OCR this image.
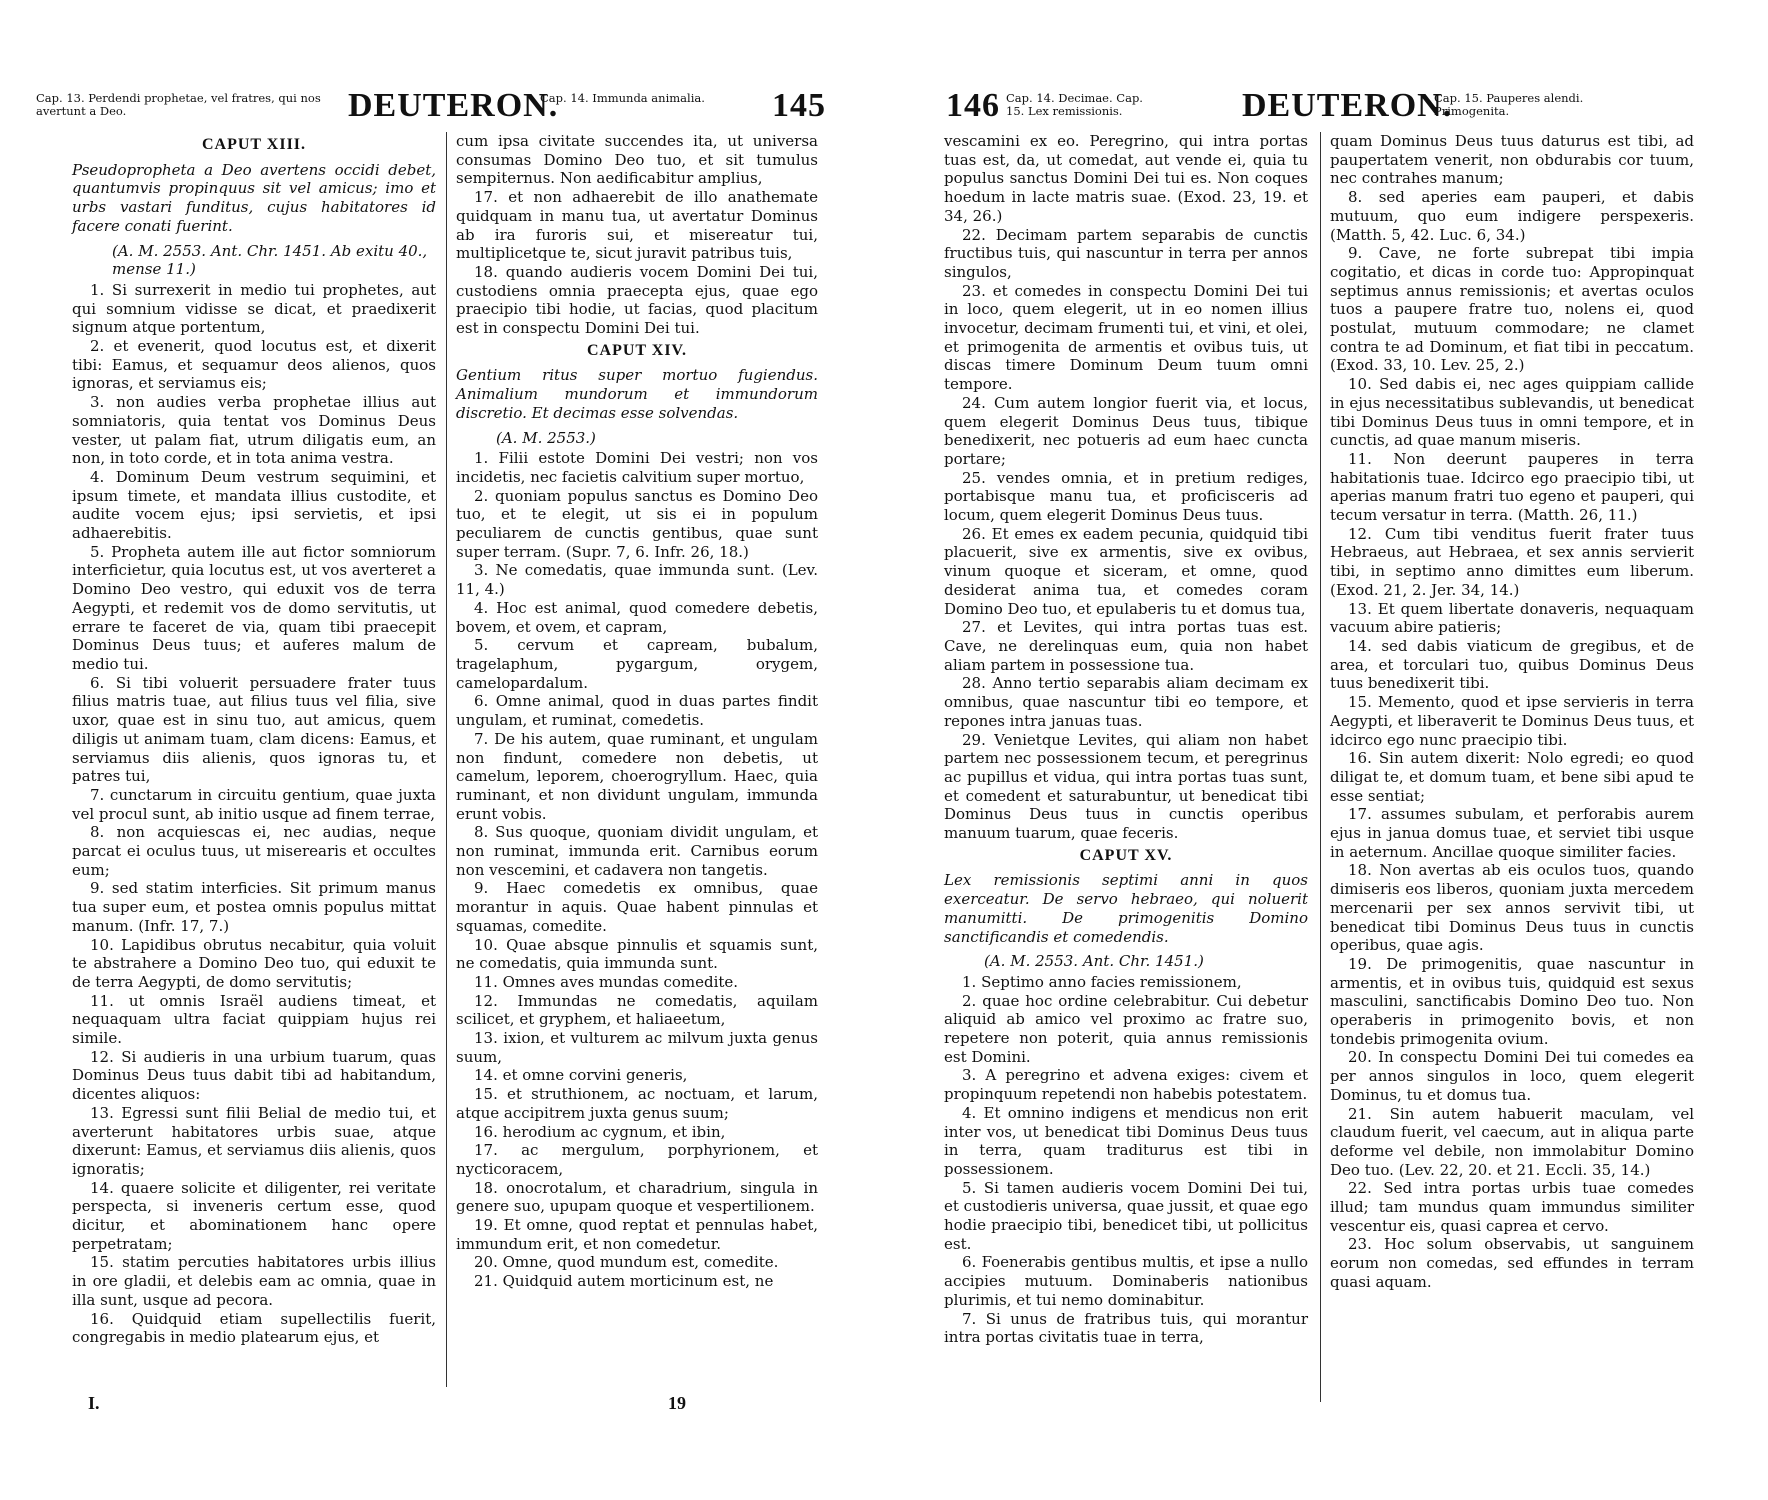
Cap. 13. Perdendi prophetae, vel fratres, qui nos avertunt a Deo.	DEUTERON.
Cap. 14. Immunda animalia.	145

CAPUT XIII.

Pseudopropheta a Deo avertens occidi debet, quantumvis propinquus sit vel amicus; imo et urbs vastari funditus, cujus habitatores id facere conati fuerint.

(A. M. 2553. Ant. Chr. 1451. Ab exitu 40., mense 11.)

1. Si surrexerit in medio tui prophetes, aut qui somnium vidisse se dicat, et praedixerit signum atque portentum,

2. et evenerit, quod locutus est, et dixerit tibi: Eamus, et sequamur deos alienos, quos ignoras, et serviamus eis;

3. non audies verba prophetae illius aut somniatoris, quia tentat vos Dominus Deus vester, ut palam fiat, utrum diligatis eum, an non, in toto corde, et in tota anima vestra.

4. Dominum Deum vestrum sequimini, et ipsum timete, et mandata illius custodite, et audite vocem ejus; ipsi servietis, et ipsi adhaerebitis.

5. Propheta autem ille aut fictor somniorum interficietur, quia locutus est, ut vos averteret a Domino Deo vestro, qui eduxit vos de terra Aegypti, et redemit vos de domo servitutis, ut errare te faceret de via, quam tibi praecepit Dominus Deus tuus; et auferes malum de medio tui.

6. Si tibi voluerit persuadere frater tuus filius matris tuae, aut filius tuus vel filia, sive uxor, quae est in sinu tuo, aut amicus, quem diligis ut animam tuam, clam dicens: Eamus, et serviamus diis alienis, quos ignoras tu, et patres tui,

7. cunctarum in circuitu gentium, quae juxta vel procul sunt, ab initio usque ad finem terrae,

8. non acquiescas ei, nec audias, neque parcat ei oculus tuus, ut miserearis et occultes eum;

9. sed statim interficies. Sit primum manus tua super eum, et postea omnis populus mittat manum. (Infr. 17, 7.)

10. Lapidibus obrutus necabitur, quia voluit te abstrahere a Domino Deo tuo, qui eduxit te de terra Aegypti, de domo servitutis;

11. ut omnis Israël audiens timeat, et nequaquam ultra faciat quippiam hujus rei simile.

12. Si audieris in una urbium tuarum, quas Dominus Deus tuus dabit tibi ad habitandum, dicentes aliquos:

13. Egressi sunt filii Belial de medio tui, et averterunt habitatores urbis suae, atque dixerunt: Eamus, et serviamus diis alienis, quos ignoratis;

14. quaere solicite et diligenter, rei veritate perspecta, si inveneris certum esse, quod dicitur, et abominationem hanc opere perpetratam;

15. statim percuties habitatores urbis illius in ore gladii, et delebis eam ac omnia, quae in illa sunt, usque ad pecora.

16. Quidquid etiam supellectilis fuerit, congregabis in medio platearum ejus, et

cum ipsa civitate succendes ita, ut universa consumas Domino Deo tuo, et sit tumulus sempiternus. Non aedificabitur amplius,

17. et non adhaerebit de illo anathemate quidquam in manu tua, ut avertatur Dominus ab ira furoris sui, et misereatur tui, multiplicetque te, sicut juravit patribus tuis,

18. quando audieris vocem Domini Dei tui, custodiens omnia praecepta ejus, quae ego praecipio tibi hodie, ut facias, quod placitum est in conspectu Domini Dei tui.

CAPUT XIV.

Gentium ritus super mortuo fugiendus. Animalium mundorum et immundorum discretio. Et decimas esse solvendas.

(A. M. 2553.)

1. Filii estote Domini Dei vestri; non vos incidetis, nec facietis calvitium super mortuo,

2. quoniam populus sanctus es Domino Deo tuo, et te elegit, ut sis ei in populum peculiarem de cunctis gentibus, quae sunt super terram. (Supr. 7, 6. Infr. 26, 18.)

3. Ne comedatis, quae immunda sunt. (Lev. 11, 4.)

4. Hoc est animal, quod comedere debetis, bovem, et ovem, et capram,

5. cervum et capream, bubalum, tragelaphum, pygargum, orygem, camelopardalum.

6. Omne animal, quod in duas partes findit ungulam, et ruminat, comedetis.

7. De his autem, quae ruminant, et ungulam non findunt, comedere non debetis, ut camelum, leporem, choerogryllum. Haec, quia ruminant, et non dividunt ungulam, immunda erunt vobis.

8. Sus quoque, quoniam dividit ungulam, et non ruminat, immunda erit. Carnibus eorum non vescemini, et cadavera non tangetis.

9. Haec comedetis ex omnibus, quae morantur in aquis. Quae habent pinnulas et squamas, comedite.

10. Quae absque pinnulis et squamis sunt, ne comedatis, quia immunda sunt.

11. Omnes aves mundas comedite.

12. Immundas ne comedatis, aquilam scilicet, et gryphem, et haliaeetum,

13. ixion, et vulturem ac milvum juxta genus suum,

14. et omne corvini generis,

15. et struthionem, ac noctuam, et larum, atque accipitrem juxta genus suum;

16. herodium ac cygnum, et ibin,

17. ac mergulum, porphyrionem, et nycticoracem,

18. onocrotalum, et charadrium, singula in genere suo, upupam quoque et vespertilionem.

19. Et omne, quod reptat et pennulas habet, immundum erit, et non comedetur.

20. Omne, quod mundum est, comedite.

21. Quidquid autem morticinum est, ne

I.	19
146 Cap. 14. Decimae. Cap. 15. Lex remissionis.	DEUTERON.
Cap. 15. Pauperes alendi. Primogenita.

vescamini ex eo. Peregrino, qui intra portas tuas est, da, ut comedat, aut vende ei, quia tu populus sanctus Domini Dei tui es. Non coques hoedum in lacte matris suae. (Exod. 23, 19. et 34, 26.)

22. Decimam partem separabis de cunctis fructibus tuis, qui nascuntur in terra per annos singulos,

23. et comedes in conspectu Domini Dei tui in loco, quem elegerit, ut in eo nomen illius invocetur, decimam frumenti tui, et vini, et olei, et primogenita de armentis et ovibus tuis, ut discas timere Dominum Deum tuum omni tempore.

24. Cum autem longior fuerit via, et locus, quem elegerit Dominus Deus tuus, tibique benedixerit, nec potueris ad eum haec cuncta portare;

25. vendes omnia, et in pretium rediges, portabisque manu tua, et proficisceris ad locum, quem elegerit Dominus Deus tuus.

26. Et emes ex eadem pecunia, quidquid tibi placuerit, sive ex armentis, sive ex ovibus, vinum quoque et siceram, et omne, quod desiderat anima tua, et comedes coram Domino Deo tuo, et epulaberis tu et domus tua,

27. et Levites, qui intra portas tuas est. Cave, ne derelinquas eum, quia non habet aliam partem in possessione tua.

28. Anno tertio separabis aliam decimam ex omnibus, quae nascuntur tibi eo tempore, et repones intra januas tuas.

29. Venietque Levites, qui aliam non habet partem nec possessionem tecum, et peregrinus ac pupillus et vidua, qui intra portas tuas sunt, et comedent et saturabuntur, ut benedicat tibi Dominus Deus tuus in cunctis operibus manuum tuarum, quae feceris.

CAPUT XV.

Lex remissionis septimi anni in quos exerceatur. De servo hebraeo, qui noluerit manumitti. De primogenitis Domino sanctificandis et comedendis.

(A. M. 2553. Ant. Chr. 1451.)

1. Septimo anno facies remissionem,

2. quae hoc ordine celebrabitur. Cui debetur aliquid ab amico vel proximo ac fratre suo, repetere non poterit, quia annus remissionis est Domini.

3. A peregrino et advena exiges: civem et propinquum repetendi non habebis potestatem.

4. Et omnino indigens et mendicus non erit inter vos, ut benedicat tibi Dominus Deus tuus in terra, quam traditurus est tibi in possessionem.

5. Si tamen audieris vocem Domini Dei tui, et custodieris universa, quae jussit, et quae ego hodie praecipio tibi, benedicet tibi, ut pollicitus est.

6. Foenerabis gentibus multis, et ipse a nullo accipies mutuum. Dominaberis nationibus plurimis, et tui nemo dominabitur.

7. Si unus de fratribus tuis, qui morantur intra portas civitatis tuae in terra,

quam Dominus Deus tuus daturus est tibi, ad paupertatem venerit, non obdurabis cor tuum, nec contrahes manum;

8. sed aperies eam pauperi, et dabis mutuum, quo eum indigere perspexeris. (Matth. 5, 42. Luc. 6, 34.)

9. Cave, ne forte subrepat tibi impia cogitatio, et dicas in corde tuo: Appropinquat septimus annus remissionis; et avertas oculos tuos a paupere fratre tuo, nolens ei, quod postulat, mutuum commodare; ne clamet contra te ad Dominum, et fiat tibi in peccatum. (Exod. 33, 10. Lev. 25, 2.)

10. Sed dabis ei, nec ages quippiam callide in ejus necessitatibus sublevandis, ut benedicat tibi Dominus Deus tuus in omni tempore, et in cunctis, ad quae manum miseris.

11. Non deerunt pauperes in terra habitationis tuae. Idcirco ego praecipio tibi, ut aperias manum fratri tuo egeno et pauperi, qui tecum versatur in terra. (Matth. 26, 11.)

12. Cum tibi venditus fuerit frater tuus Hebraeus, aut Hebraea, et sex annis servierit tibi, in septimo anno dimittes eum liberum. (Exod. 21, 2. Jer. 34, 14.)

13. Et quem libertate donaveris, nequaquam vacuum abire patieris;

14. sed dabis viaticum de gregibus, et de area, et torculari tuo, quibus Dominus Deus tuus benedixerit tibi.

15. Memento, quod et ipse servieris in terra Aegypti, et liberaverit te Dominus Deus tuus, et idcirco ego nunc praecipio tibi.

16. Sin autem dixerit: Nolo egredi; eo quod diligat te, et domum tuam, et bene sibi apud te esse sentiat;

17. assumes subulam, et perforabis aurem ejus in janua domus tuae, et serviet tibi usque in aeternum. Ancillae quoque similiter facies.

18. Non avertas ab eis oculos tuos, quando dimiseris eos liberos, quoniam juxta mercedem mercenarii per sex annos servivit tibi, ut benedicat tibi Dominus Deus tuus in cunctis operibus, quae agis.

19. De primogenitis, quae nascuntur in armentis, et in ovibus tuis, quidquid est sexus masculini, sanctificabis Domino Deo tuo. Non operaberis in primogenito bovis, et non tondebis primogenita ovium.

20. In conspectu Domini Dei tui comedes ea per annos singulos in loco, quem elegerit Dominus, tu et domus tua.

21. Sin autem habuerit maculam, vel claudum fuerit, vel caecum, aut in aliqua parte deforme vel debile, non immolabitur Domino Deo tuo. (Lev. 22, 20. et 21. Eccli. 35, 14.)

22. Sed intra portas urbis tuae comedes illud; tam mundus quam immundus similiter vescentur eis, quasi caprea et cervo.

23. Hoc solum observabis, ut sanguinem eorum non comedas, sed effundes in terram quasi aquam.
